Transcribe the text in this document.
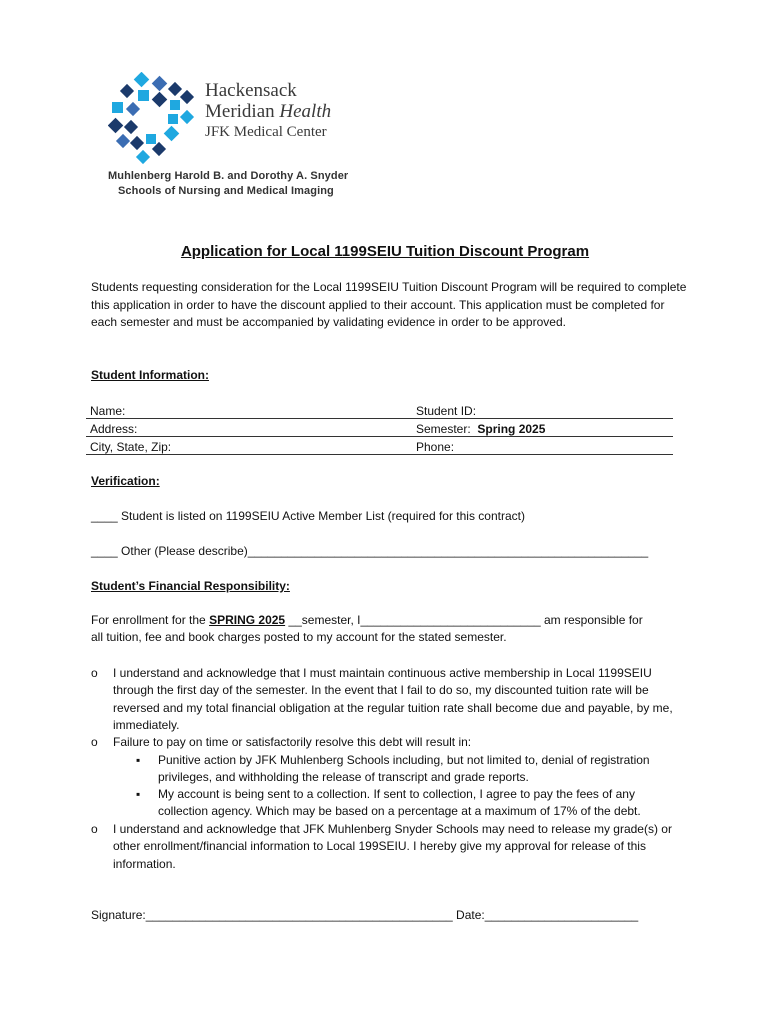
Hackensack
Meridian Health
JFK Medical Center
Muhlenberg Harold B. and Dorothy A. Snyder
Schools of Nursing and Medical Imaging
Application for Local 1199SEIU Tuition Discount Program
Students requesting consideration for the Local 1199SEIU Tuition Discount Program will be required to complete this application in order to have the discount applied to their account. This application must be completed for each semester and must be accompanied by validating evidence in order to be approved.
Student Information:
Name:	Student ID:
Address:	Semester: Spring 2025
City, State, Zip:	Phone:
Verification:
____ Student is listed on 1199SEIU Active Member List (required for this contract)
____ Other (Please describe)____________________________________________________________
Student’s Financial Responsibility:
For enrollment for the SPRING 2025 __semester, I___________________________ am responsible for
all tuition, fee and book charges posted to my account for the stated semester.
o I understand and acknowledge that I must maintain continuous active membership in Local 1199SEIU through the first day of the semester. In the event that I fail to do so, my discounted tuition rate will be reversed and my total financial obligation at the regular tuition rate shall become due and payable, by me, immediately.
o Failure to pay on time or satisfactorily resolve this debt will result in:
▪ Punitive action by JFK Muhlenberg Schools including, but not limited to, denial of registration privileges, and withholding the release of transcript and grade reports.
▪ My account is being sent to a collection. If sent to collection, I agree to pay the fees of any collection agency. Which may be based on a percentage at a maximum of 17% of the debt.
o I understand and acknowledge that JFK Muhlenberg Snyder Schools may need to release my grade(s) or other enrollment/financial information to Local 199SEIU. I hereby give my approval for release of this information.
Signature:______________________________________________ Date:_______________________
